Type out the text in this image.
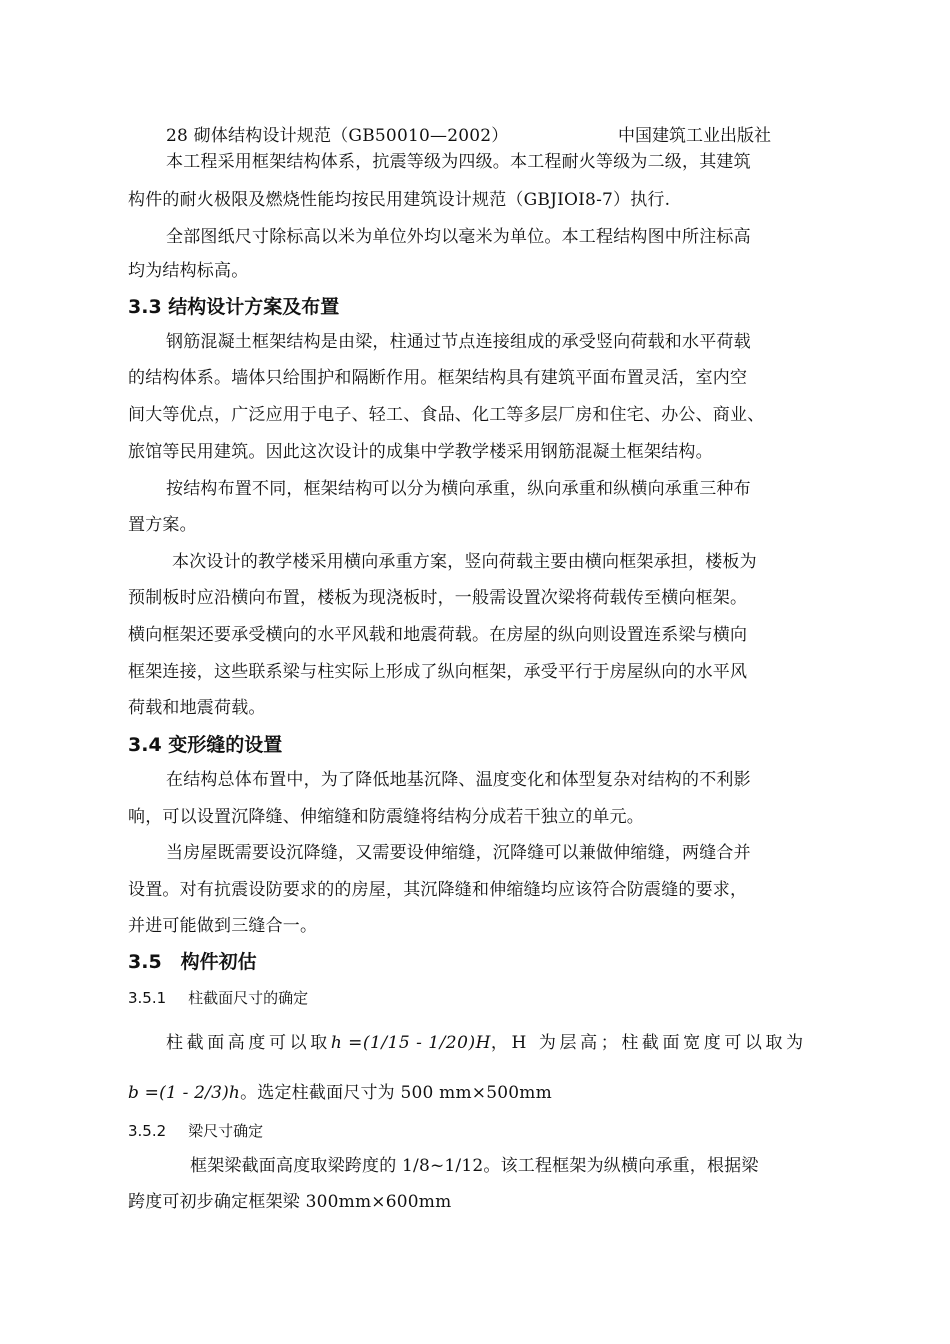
28 砌体结构设计规范（GB50010—2002）	中国建筑工业出版社
本工程采用框架结构体系，抗震等级为四级。本工程耐火等级为二级，其建筑
构件的耐火极限及燃烧性能均按民用建筑设计规范（GBJIOI8-7）执行.
全部图纸尺寸除标高以米为单位外均以毫米为单位。本工程结构图中所注标高
均为结构标高。
3.3 结构设计方案及布置
钢筋混凝土框架结构是由梁，柱通过节点连接组成的承受竖向荷载和水平荷载
的结构体系。墙体只给围护和隔断作用。框架结构具有建筑平面布置灵活，室内空
间大等优点，广泛应用于电子、轻工、食品、化工等多层厂房和住宅、办公、商业、
旅馆等民用建筑。因此这次设计的成集中学教学楼采用钢筋混凝土框架结构。
按结构布置不同，框架结构可以分为横向承重，纵向承重和纵横向承重三种布
置方案。
本次设计的教学楼采用横向承重方案，竖向荷载主要由横向框架承担，楼板为
预制板时应沿横向布置，楼板为现浇板时，一般需设置次梁将荷载传至横向框架。
横向框架还要承受横向的水平风载和地震荷载。在房屋的纵向则设置连系梁与横向
框架连接，这些联系梁与柱实际上形成了纵向框架，承受平行于房屋纵向的水平风
荷载和地震荷载。
3.4 变形缝的设置
在结构总体布置中，为了降低地基沉降、温度变化和体型复杂对结构的不利影
响，可以设置沉降缝、伸缩缝和防震缝将结构分成若干独立的单元。
当房屋既需要设沉降缝，又需要设伸缩缝，沉降缝可以兼做伸缩缝，两缝合并
设置。对有抗震设防要求的的房屋，其沉降缝和伸缩缝均应该符合防震缝的要求，
并进可能做到三缝合一。
3.5　构件初估
3.5.1 柱截面尺寸的确定
柱截面高度可以取h =(1/15 - 1/20)H，H 为层高；柱截面宽度可以取为
b =(1 - 2/3)h。选定柱截面尺寸为 500 mm×500mm
3.5.2 梁尺寸确定
框架梁截面高度取梁跨度的 1/8~1/12。该工程框架为纵横向承重，根据梁
跨度可初步确定框架梁 300mm×600mm
